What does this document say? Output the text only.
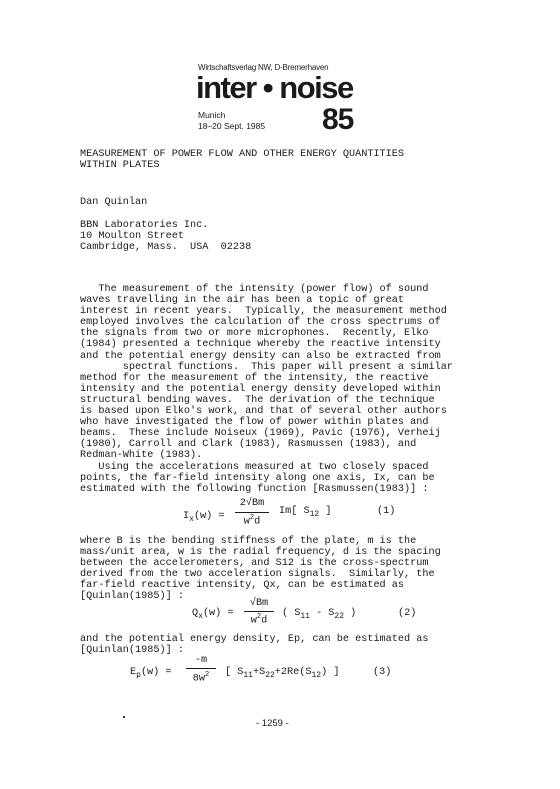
Wirtschaftsverlag NW, D-Bremerhaven
inter • noise
Munich
18–20 Sept. 1985 85
MEASUREMENT OF POWER FLOW AND OTHER ENERGY QUANTITIES
WITHIN PLATES
Dan Quinlan
BBN Laboratories Inc.
10 Moulton Street
Cambridge, Mass.  USA  02238
The measurement of the intensity (power flow) of sound
waves travelling in the air has been a topic of great
interest in recent years.  Typically, the measurement method
employed involves the calculation of the cross spectrums of
the signals from two or more microphones.  Recently, Elko
(1984) presented a technique whereby the reactive intensity
and the potential energy density can also be extracted from
spectral functions.  This paper will present a similar
method for the measurement of the intensity, the reactive
intensity and the potential energy density developed within
structural bending waves.  The derivation of the technique
is based upon Elko's work, and that of several other authors
who have investigated the flow of power within plates and
beams.  These include Noiseux (1969), Pavic (1976), Verheij
(1980), Carroll and Clark (1983), Rasmussen (1983), and
Redman-White (1983).
Using the accelerations measured at two closely spaced
points, the far-field intensity along one axis, Ix, can be
estimated with the following function [Rasmussen(1983)] :
$I_x(w)$ =
2√Bm
$w^2d$
Im[ $S_{12}$ ]	(1)
where B is the bending stiffness of the plate, m is the
mass/unit area, w is the radial frequency, d is the spacing
between the accelerometers, and S12 is the cross-spectrum
derived from the two acceleration signals.  Similarly, the
far-field reactive intensity, Qx, can be estimated as
[Quinlan(1985)] :
$Q_x(w)$ =
√Bm
$w^2d$
( $S_{11} - S_{22}$ )	(2)
and the potential energy density, Ep, can be estimated as
[Quinlan(1985)] :
$E_p(w)$ =
-m
$8w^2$	[ $S_{11}+S_{22}+2Re(S_{12})$ ]	(3)
- 1259 -
